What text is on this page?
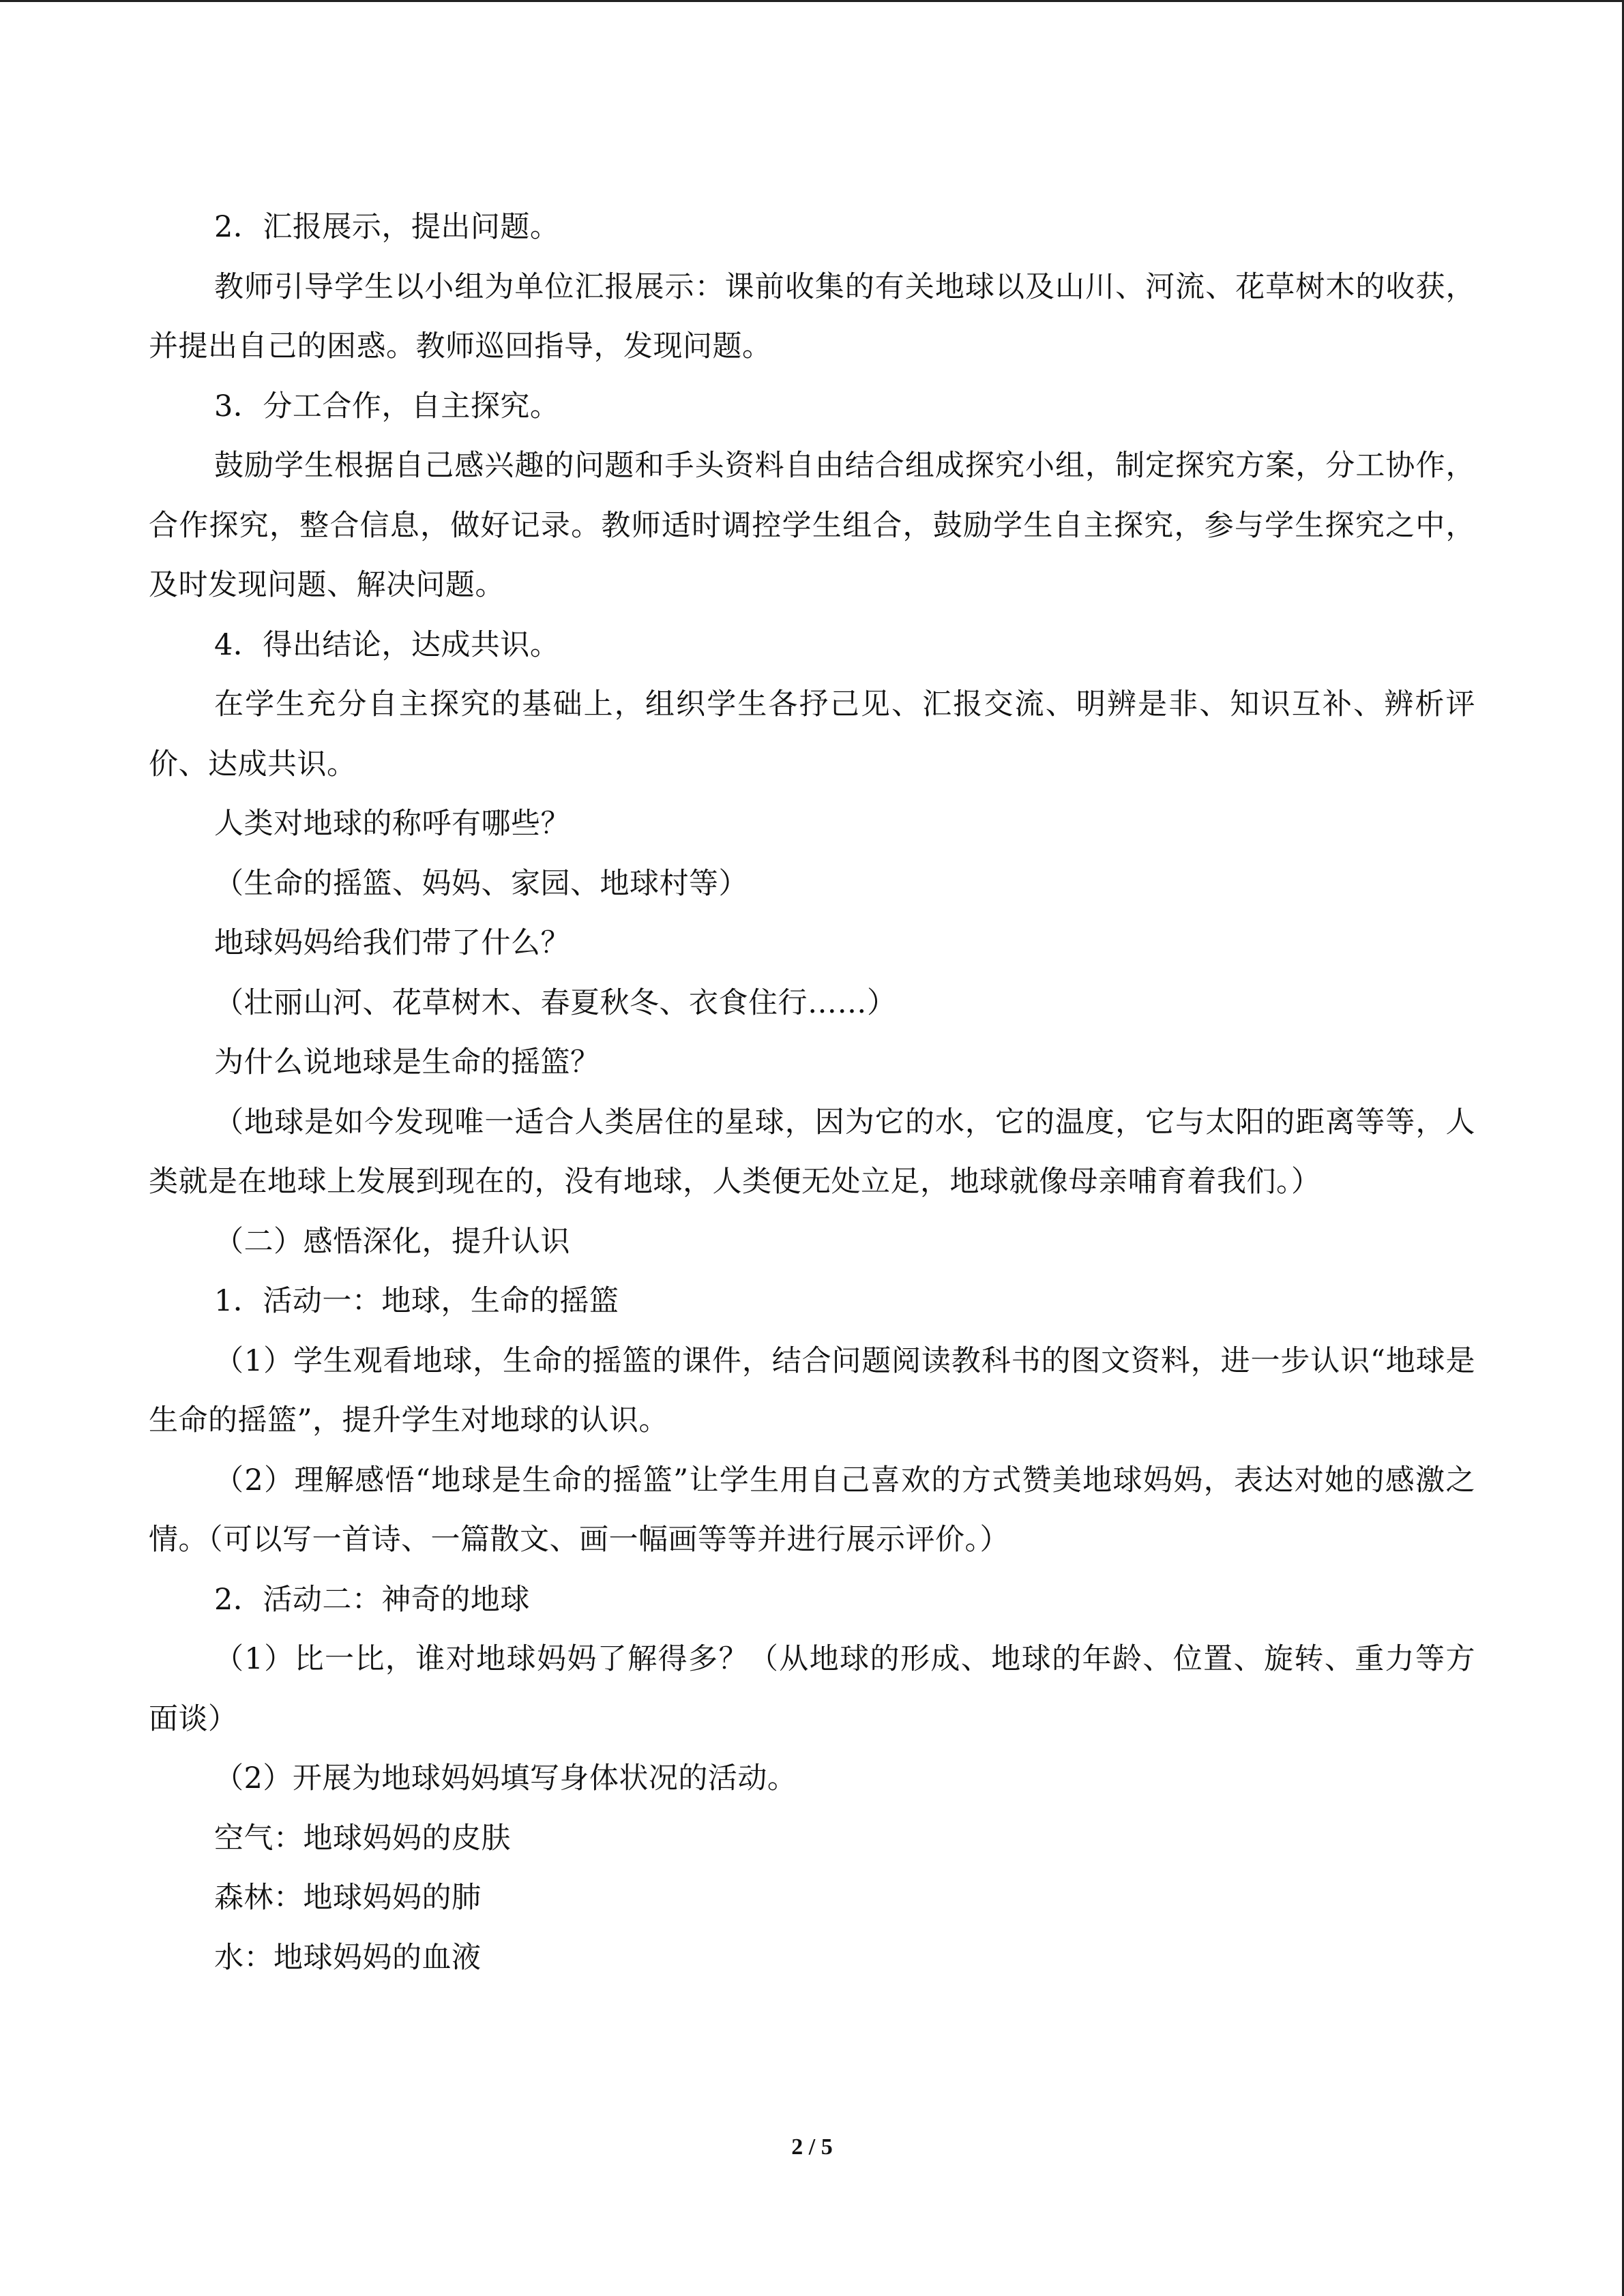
2．汇报展示，提出问题。

教师引导学生以小组为单位汇报展示：课前收集的有关地球以及山川、河流、花草树木的收获，并提出自己的困惑。教师巡回指导，发现问题。

3．分工合作，自主探究。

鼓励学生根据自己感兴趣的问题和手头资料自由结合组成探究小组，制定探究方案，分工协作，合作探究，整合信息，做好记录。教师适时调控学生组合，鼓励学生自主探究，参与学生探究之中，及时发现问题、解决问题。

4．得出结论，达成共识。

在学生充分自主探究的基础上，组织学生各抒己见、汇报交流、明辨是非、知识互补、辨析评价、达成共识。

人类对地球的称呼有哪些？

（生命的摇篮、妈妈、家园、地球村等）

地球妈妈给我们带了什么？

（壮丽山河、花草树木、春夏秋冬、衣食住行……）

为什么说地球是生命的摇篮？

（地球是如今发现唯一适合人类居住的星球，因为它的水，它的温度，它与太阳的距离等等，人类就是在地球上发展到现在的，没有地球，人类便无处立足，地球就像母亲哺育着我们。）

（二）感悟深化，提升认识

1．活动一：地球，生命的摇篮

（1）学生观看地球，生命的摇篮的课件，结合问题阅读教科书的图文资料，进一步认识“地球是生命的摇篮”，提升学生对地球的认识。

（2）理解感悟“地球是生命的摇篮”让学生用自己喜欢的方式赞美地球妈妈，表达对她的感激之情。（可以写一首诗、一篇散文、画一幅画等等并进行展示评价。）

2．活动二：神奇的地球

（1）比一比，谁对地球妈妈了解得多？（从地球的形成、地球的年龄、位置、旋转、重力等方面谈）

（2）开展为地球妈妈填写身体状况的活动。

空气：地球妈妈的皮肤

森林：地球妈妈的肺

水：地球妈妈的血液

2 / 5
